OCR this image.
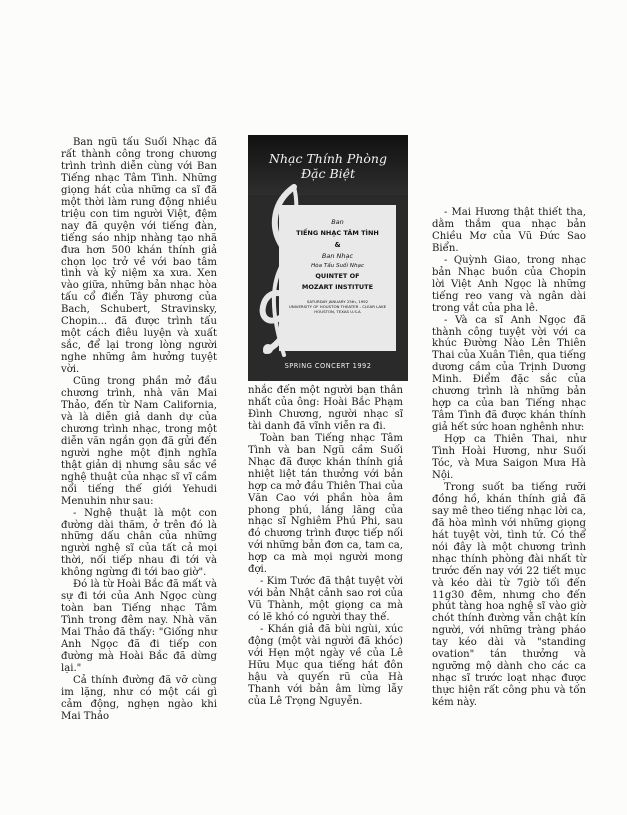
Ban ngũ tấu Suối Nhạc đã rất thành công trong chương trình trình diễn cùng với Ban Tiếng nhạc Tâm Tình. Những giọng hát của những ca sĩ đã một thời làm rung động nhiều triệu con tim người Việt, đệm nay đã quyện với tiếng đàn, tiếng sáo nhịp nhàng tạo nhã đưa hơn 500 khán thính giả chọn lọc trở về với bao tâm tình và kỷ niệm xa xưa. Xen vào giữa, những bản nhạc hòa tấu cổ điển Tây phương của Bach, Schubert, Stravinsky, Chopin... đã được trình tấu một cách điêu luyện và xuất sắc, để lại trong lòng người nghe những âm hưởng tuyệt vời.

Cũng trong phần mở đầu chương trình, nhà văn Mai Thảo, đến từ Nam California, và là diễn giả danh dự của chương trình nhạc, trong một diễn văn ngắn gọn đã gửi đến người nghe một định nghĩa thật giản dị nhưng sâu sắc về nghệ thuật của nhạc sĩ vĩ cầm nổi tiếng thế giới Yehudi Menuhin như sau:

- Nghệ thuật là một con đường dài thăm, ở trên đó là những dấu chân của những người nghệ sĩ của tất cả mọi thời, nối tiếp nhau đi tới và không ngừng đi tới bao giờ".

Đó là từ Hoài Bắc đã mất và sự đi tới của Anh Ngọc cùng toàn ban Tiếng nhạc Tâm Tình trong đêm nay. Nhà văn Mai Thảo đã thấy: "Giống như Anh Ngọc đã đi tiếp con đường mà Hoài Bắc đã dừng lại."

Cả thính đường đã vỡ cùng im lặng, như có một cái gì cảm động, nghẹn ngào khi Mai Thảo

Nhạc Thính Phòng
Đặc Biệt
Ban
TIẾNG NHẠC TÂM TÌNH
&
Ban Nhạc
Hòa Tấu Suối Nhạc
QUINTET OF
MOZART INSTITUTE
SATURDAY JANUARY 25th, 1992
UNIVERSITY OF HOUSTON THEATER - CLEAR LAKE
HOUSTON, TEXAS U.S.A
SPRING CONCERT 1992

nhắc đến một người bạn thân nhất của ông: Hoài Bắc Phạm Đình Chương, người nhạc sĩ tài danh đã vĩnh viễn ra đi.

Toàn ban Tiếng nhạc Tâm Tình và ban Ngũ cầm Suối Nhạc đã được khán thính giả nhiệt liệt tán thưởng với bản hợp ca mở đầu Thiên Thai của Văn Cao với phần hòa âm phong phú, láng lăng của nhạc sĩ Nghiêm Phú Phi, sau đó chương trình được tiếp nối với những bản đơn ca, tam ca, hợp ca mà mọi người mong đợi.

- Kim Tước đã thật tuyệt vời với bản Nhật cảnh sao rơi của Vũ Thành, một giọng ca mà có lẽ khó có người thay thế.

- Khán giả đã bùi ngùi, xúc động (một vài người đã khóc) với Hẹn một ngày về của Lê Hữu Mục qua tiếng hát đôn hậu và quyến rũ của Hà Thanh với bản âm lừng lẫy của Lê Trọng Nguyễn.

- Mai Hương thật thiết tha, dằm thắm qua nhạc bản Chiều Mơ của Vũ Đức Sao Biển.

- Quỳnh Giao, trong nhạc bản Nhạc buồn của Chopin lời Việt Anh Ngọc là những tiếng reo vang và ngân dài trong vắt của pha lê.

- Và ca sĩ Anh Ngọc đã thành công tuyệt vời với ca khúc Đường Nào Lên Thiên Thai của Xuân Tiên, qua tiếng dương cầm của Trịnh Dương Minh. Điểm đặc sắc của chương trình là những bản hợp ca của ban Tiếng nhạc Tâm Tình đã được khán thính giả hết sức hoan nghênh như:

Hợp ca Thiên Thai, như Tình Hoài Hương, như Suối Tóc, và Mưa Saigon Mưa Hà Nội.

Trong suốt ba tiếng rưỡi đồng hồ, khán thính giả đã say mê theo tiếng nhạc lời ca, đã hòa mình với những giọng hát tuyệt vời, tình tứ. Có thể nói đây là một chương trình nhạc thính phòng đài nhất từ trước đến nay với 22 tiết mục và kéo dài từ 7giờ tối đến 11g30 đêm, nhưng cho đến phút tàng hoa nghệ sĩ vào giờ chót thính đường vẫn chật kín người, với những tràng pháo tay kéo dài và "standing ovation" tán thưởng và ngưỡng mộ dành cho các ca nhạc sĩ trước loạt nhạc được thực hiện rất công phu và tốn kém này.
